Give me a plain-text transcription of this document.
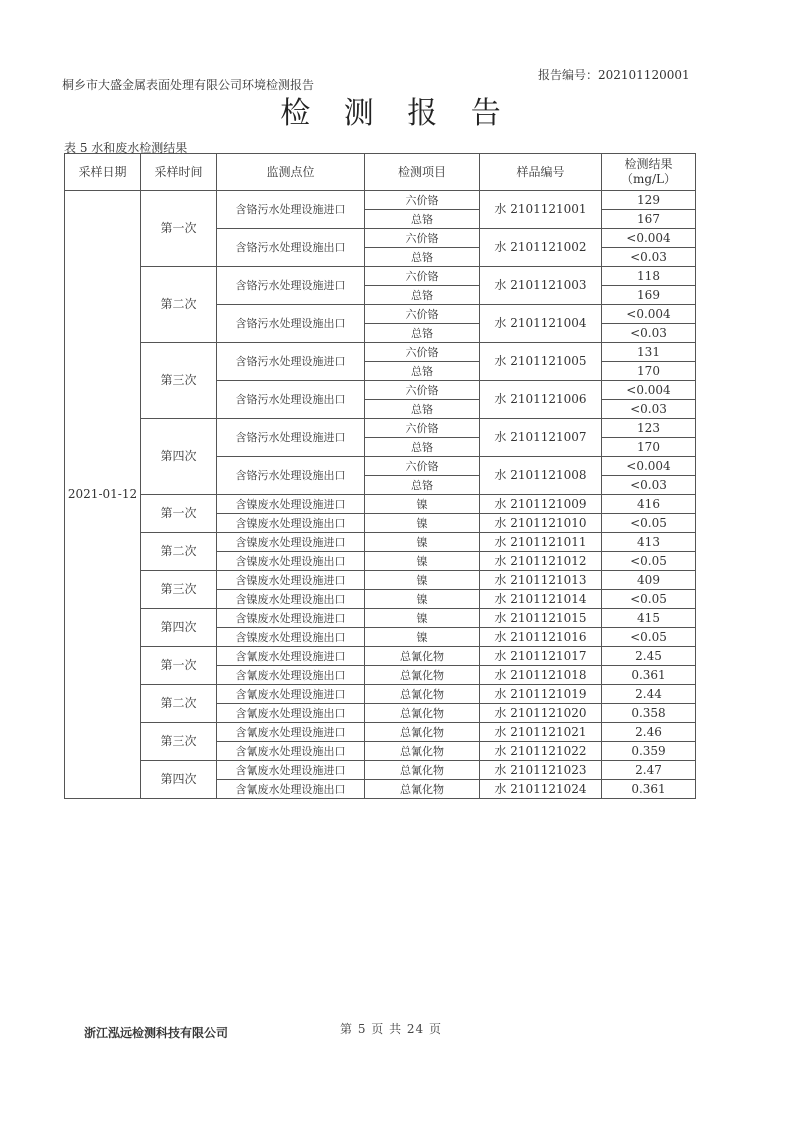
桐乡市大盛金属表面处理有限公司环境检测报告
报告编号：202101120001
检 测 报 告
表 5 水和废水检测结果
采样日期	采样时间	监测点位	检测项目	样品编号	检测结果
（mg/L）

2021-01-12	第一次	含铬污水处理设施进口	六价铬	水 2101121001	129
			总铬		167
		含铬污水处理设施出口	六价铬	水 2101121002	<0.004
			总铬		<0.03
	第二次	含铬污水处理设施进口	六价铬	水 2101121003	118
			总铬		169
		含铬污水处理设施出口	六价铬	水 2101121004	<0.004
			总铬		<0.03
	第三次	含铬污水处理设施进口	六价铬	水 2101121005	131
			总铬		170
		含铬污水处理设施出口	六价铬	水 2101121006	<0.004
			总铬		<0.03
	第四次	含铬污水处理设施进口	六价铬	水 2101121007	123
			总铬		170
		含铬污水处理设施出口	六价铬	水 2101121008	<0.004
			总铬		<0.03
	第一次	含镍废水处理设施进口	镍	水 2101121009	416
		含镍废水处理设施出口	镍	水 2101121010	<0.05
	第二次	含镍废水处理设施进口	镍	水 2101121011	413
		含镍废水处理设施出口	镍	水 2101121012	<0.05
	第三次	含镍废水处理设施进口	镍	水 2101121013	409
		含镍废水处理设施出口	镍	水 2101121014	<0.05
	第四次	含镍废水处理设施进口	镍	水 2101121015	415
		含镍废水处理设施出口	镍	水 2101121016	<0.05
	第一次	含氰废水处理设施进口	总氰化物	水 2101121017	2.45
		含氰废水处理设施出口	总氰化物	水 2101121018	0.361
	第二次	含氰废水处理设施进口	总氰化物	水 2101121019	2.44
		含氰废水处理设施出口	总氰化物	水 2101121020	0.358
	第三次	含氰废水处理设施进口	总氰化物	水 2101121021	2.46
		含氰废水处理设施出口	总氰化物	水 2101121022	0.359
	第四次	含氰废水处理设施进口	总氰化物	水 2101121023	2.47
		含氰废水处理设施出口	总氰化物	水 2101121024	0.361
浙江泓远检测科技有限公司	第 5 页 共 24 页
